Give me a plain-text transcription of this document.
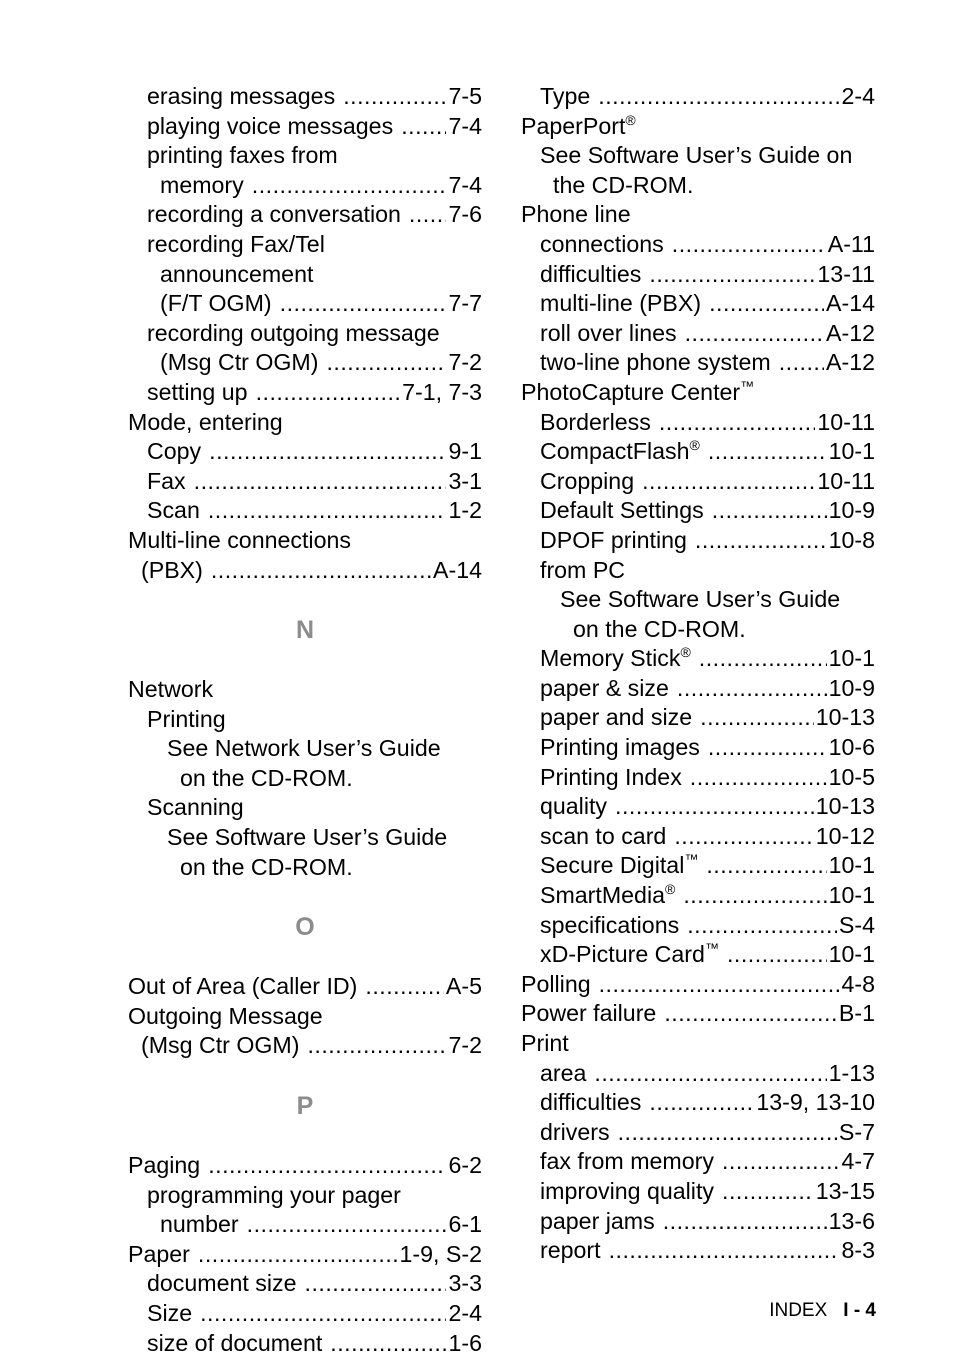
erasing messages .....	7-5
playing voice messages ..... 7-4
printing faxes from
memory .....	7-4
recording a conversation ..... 7-6
recording Fax/Tel
announcement
(F/T OGM) .....	7-7
recording outgoing message
(Msg Ctr OGM) .....	7-2
setting up .....	7-1, 7-3
Mode, entering
Copy .....	9-1
Fax .....	3-1
Scan .....	1-2
Multi-line connections
(PBX) .....	A-14
N
Network
Printing
See Network User’s Guide
on the CD-ROM.
Scanning
See Software User’s Guide
on the CD-ROM.
O
Out of Area (Caller ID) .....	A-5
Outgoing Message
(Msg Ctr OGM) .....	7-2
P
Paging .....	6-2
programming your pager
number .....	6-1
Paper .....	1-9, S-2
document size .....	3-3
Size .....	2-4
size of document .....	1-6
Type .....	2-4
PaperPort®
See Software User’s Guide on
the CD-ROM.
Phone line
connections .....	A-11
difficulties .....	13-11
multi-line (PBX) .....	A-14
roll over lines .....	A-12
two-line phone system ..... A-12
PhotoCapture Center™
Borderless .....	10-11
CompactFlash® .....	10-1
Cropping .....	10-11
Default Settings .....	10-9
DPOF printing .....	10-8
from PC
See Software User’s Guide
on the CD-ROM.
Memory Stick® .....	10-1
paper & size .....	10-9
paper and size .....	10-13
Printing images .....	10-6
Printing Index .....	10-5
quality .....	10-13
scan to card .....	10-12
Secure Digital™ .....	10-1
SmartMedia® .....	10-1
specifications .....	S-4
xD-Picture Card™ .....	10-1
Polling .....	4-8
Power failure .....	B-1
Print
area .....	1-13
difficulties .....	13-9, 13-10
drivers .....	S-7
fax from memory .....	4-7
improving quality .....	13-15
paper jams .....	13-6
report .....	8-3
INDEX I - 4
